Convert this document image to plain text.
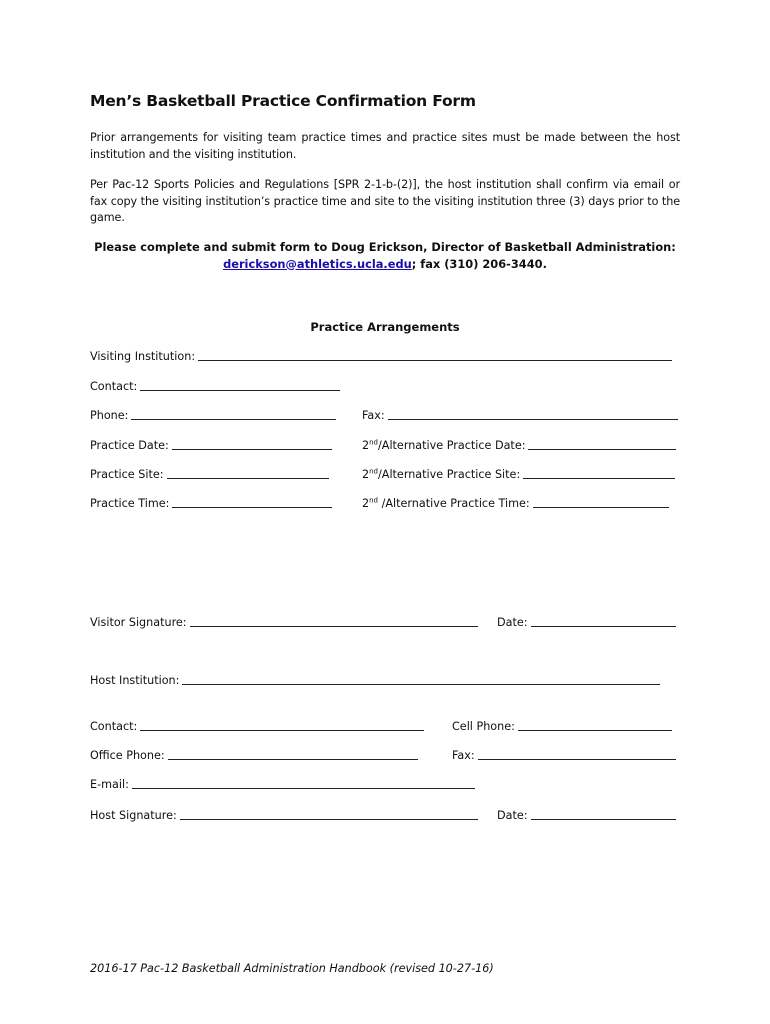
Men’s Basketball Practice Confirmation Form
Prior arrangements for visiting team practice times and practice sites must be made between the host institution and the visiting institution.
Per Pac-12 Sports Policies and Regulations [SPR 2-1-b-(2)], the host institution shall confirm via email or fax copy the visiting institution’s practice time and site to the visiting institution three (3) days prior to the game.
Please complete and submit form to Doug Erickson, Director of Basketball Administration: derickson@athletics.ucla.edu; fax (310) 206-3440.
Practice Arrangements
Visiting Institution:
Contact:
Phone:	Fax:
Practice Date:	2nd/Alternative Practice Date:
Practice Site:	2nd/Alternative Practice Site:
Practice Time:	2nd /Alternative Practice Time:
Visitor Signature:	Date:
Host Institution:
Contact:	Cell Phone:
Office Phone:	Fax:
E-mail:
Host Signature:	Date:
2016-17 Pac-12 Basketball Administration Handbook (revised 10-27-16)
